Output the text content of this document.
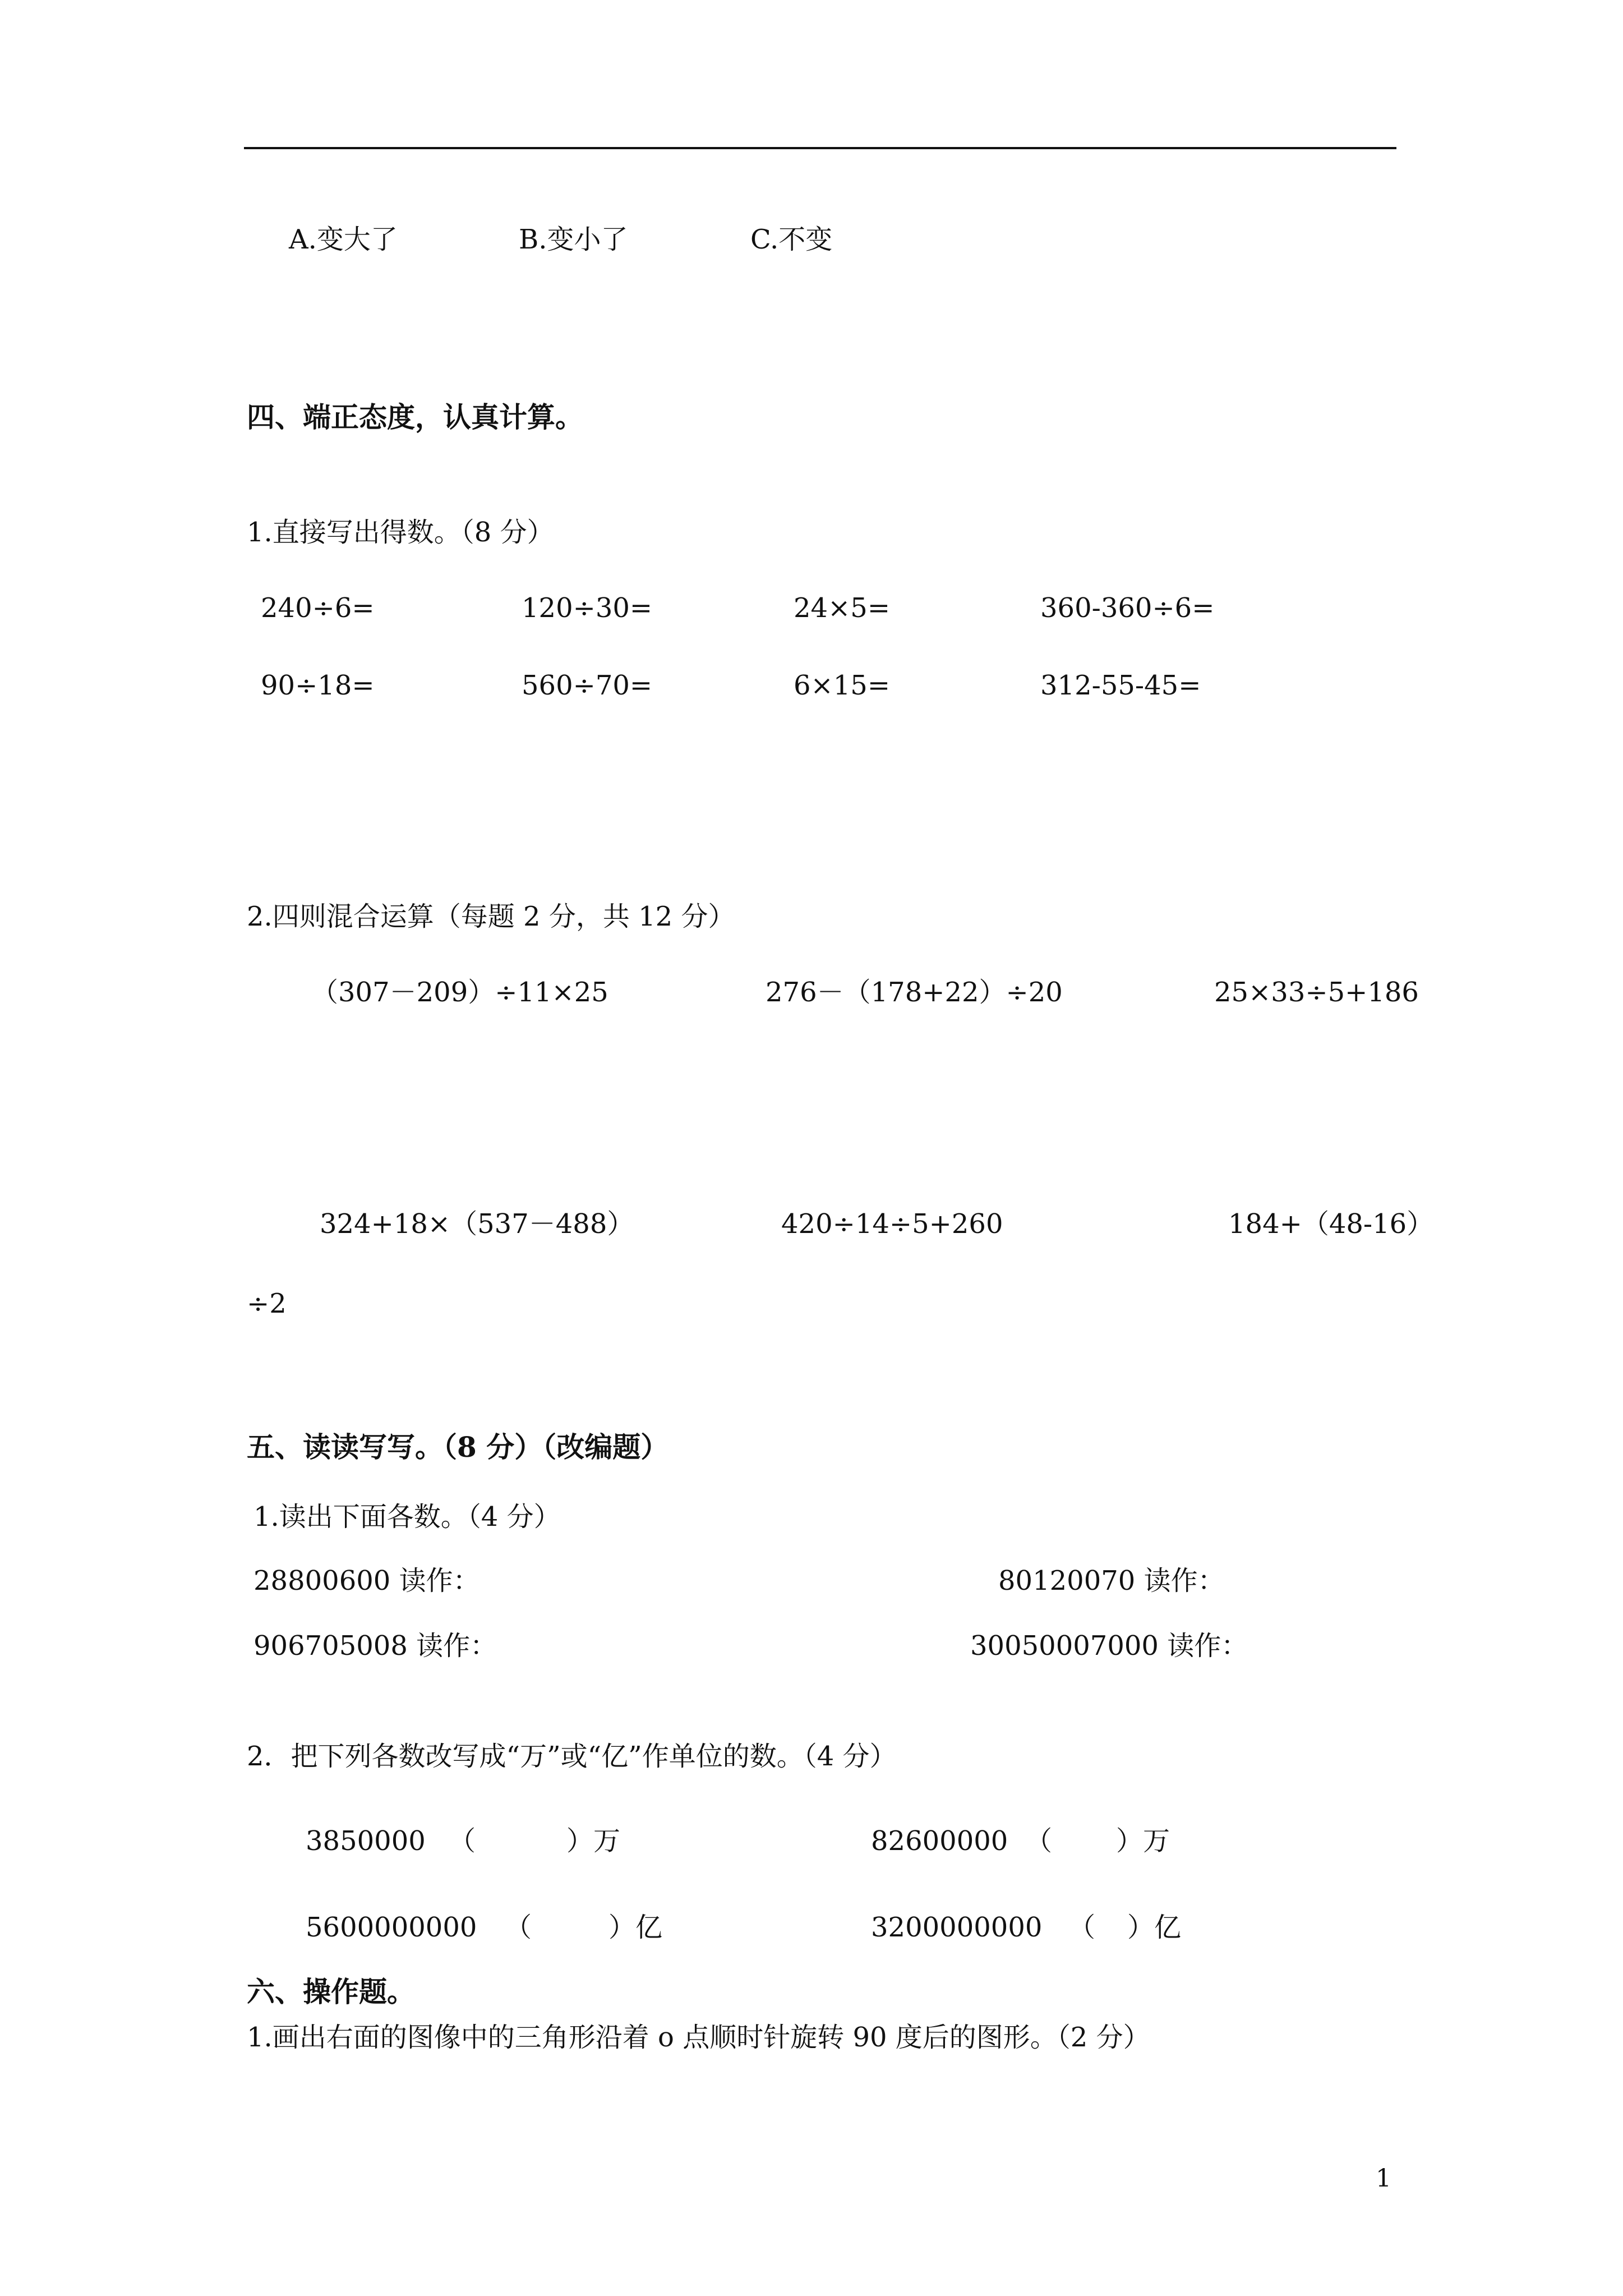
A.变大了	B.变小了	C.不变
四、端正态度，认真计算。
1.直接写出得数。（8 分）
240÷6=	120÷30=	24×5=	360-360÷6=
90÷18=	560÷70=	6×15=	312-55-45=
2.四则混合运算（每题 2 分，共 12 分）
（307－209）÷11×25	276－（178+22）÷20	25×33÷5+186
324+18×（537－488）	420÷14÷5+260	184+（48-16）
÷2
五、读读写写。（8 分）（改编题）
1.读出下面各数。（4 分）
28800600 读作：	80120070 读作：
906705008 读作：	30050007000 读作：
2．把下列各数改写成“万”或“亿”作单位的数。（4 分）
3850000 （	）万	82600000 （ ）万
5600000000 （	）亿	3200000000 （ ）亿
六、操作题。
1.画出右面的图像中的三角形沿着 o 点顺时针旋转 90 度后的图形。（2 分）
1
